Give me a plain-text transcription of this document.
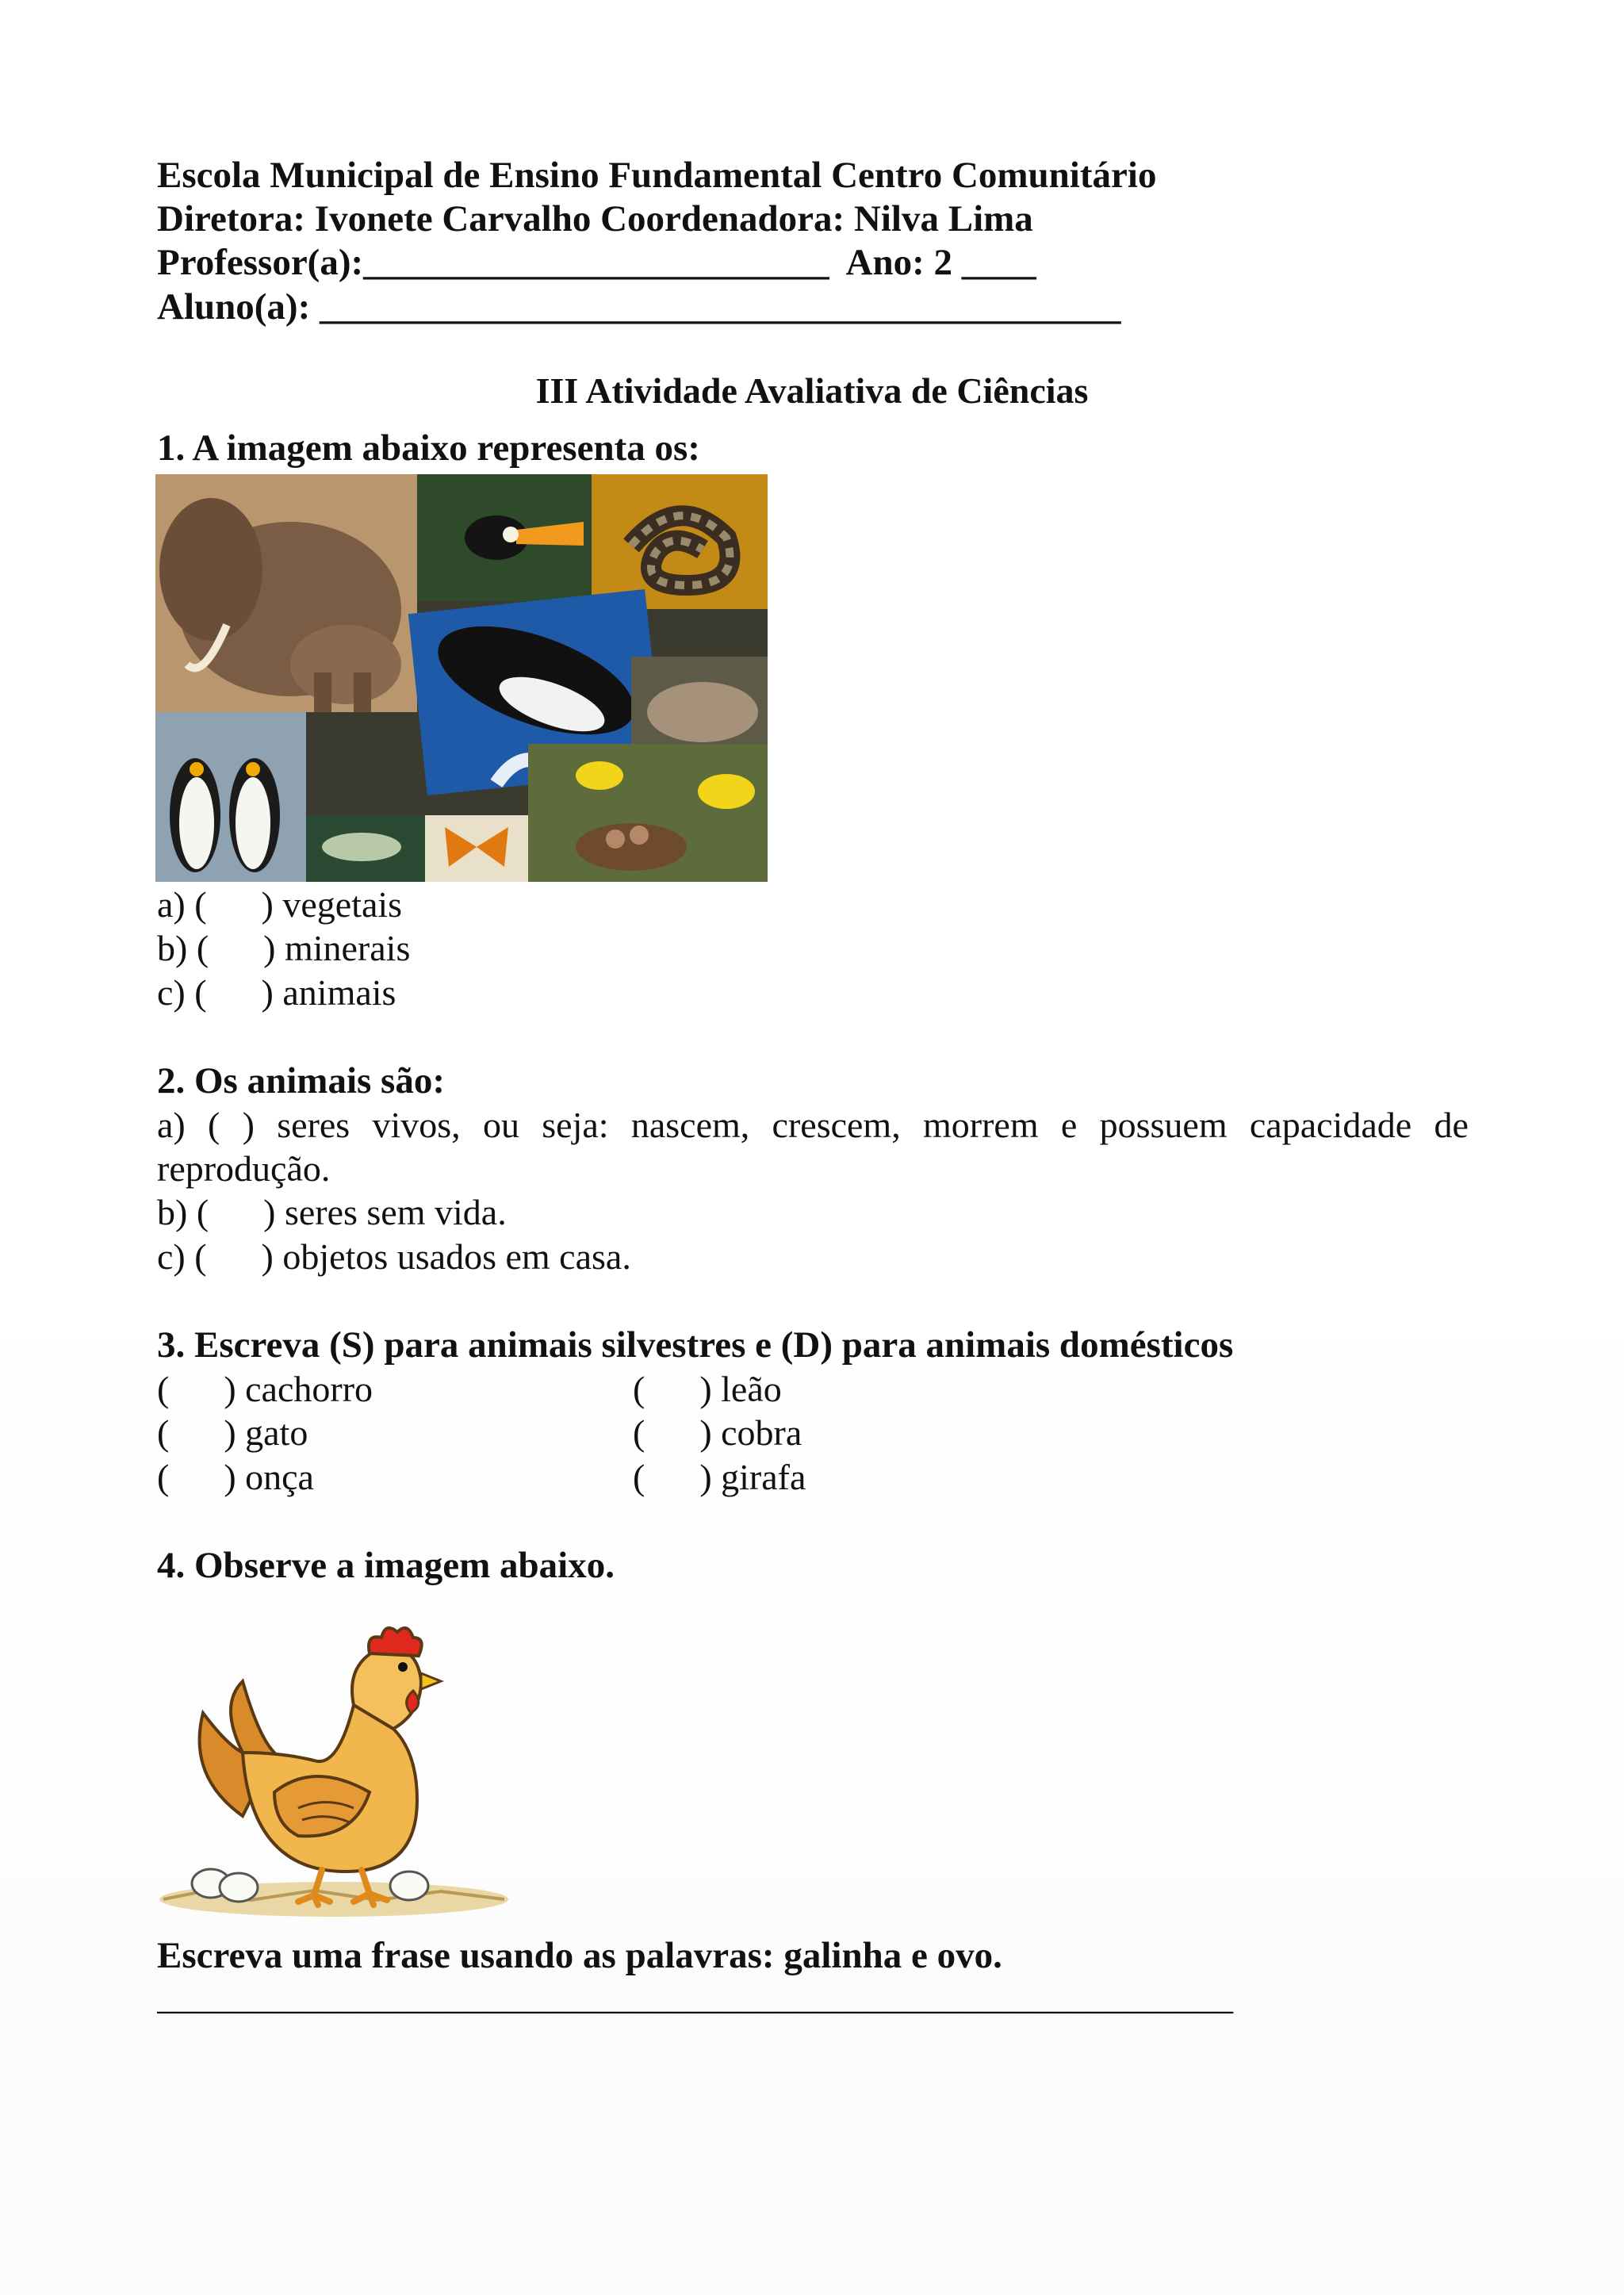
Escola Municipal de Ensino Fundamental Centro Comunitário
Diretora: Ivonete Carvalho Coordenadora: Nilva Lima
Professor(a):_________________________  Ano: 2 ____
Aluno(a): ___________________________________________
III Atividade Avaliativa de Ciências
1. A imagem abaixo representa os:
a) (      ) vegetais
b) (      ) minerais
c) (      ) animais
2. Os animais são:
a) ( ) seres vivos, ou seja: nascem, crescem, morrem e possuem capacidade de
reprodução.
b) (      ) seres sem vida.
c) (      ) objetos usados em casa.
3. Escreva (S) para animais silvestres e (D) para animais domésticos
(      ) cachorro
(      ) gato
(      ) onça
(      ) leão
(      ) cobra
(      ) girafa
4. Observe a imagem abaixo.
Escreva uma frase usando as palavras: galinha e ovo.
___________________________________________________________
